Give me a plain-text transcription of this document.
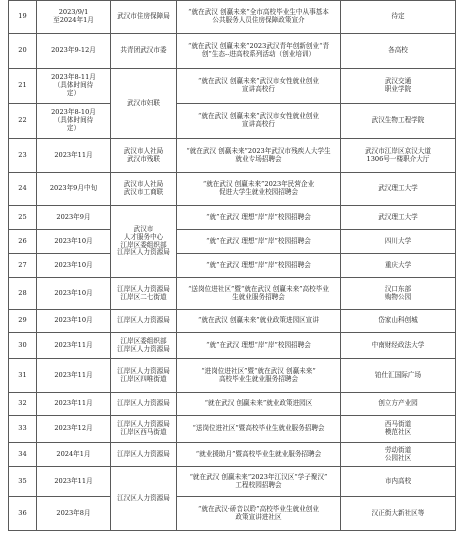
19	2023/9/1
至2024年1月	武汉市住房保障局	“就在武汉 创赢未来”全市高校毕业生中从事基本
公共服务人员住房保障政策宣介	待定
20	2023年9-12月	共青团武汉市委	“就在武汉 创赢未来”2023武汉青年创新创业“青
创”生态--进高校系列活动（创业培训）	各高校
21	2023年8-11月
（具体时间待
定）	武汉市妇联	“就在武汉 创赢未来”武汉市女性就业创业
宣讲高校行	武汉交通
职业学院
22	2023年8-10月
（具体时间待
定）		“就在武汉 创赢未来”武汉市女性就业创业
宣讲高校行	武汉生物工程学院
23	2023年11月	武汉市人社局
武汉市残联	“就在武汉 创赢未来”2023年武汉市残疾人大学生
就业专场招聘会	武汉市江岸区京汉大道
1306号一楼职介大厅
24	2023年9月中旬	武汉市人社局
武汉市工商联	“就在武汉 创赢未来”2023年民营企业
促进大学生就业校园招聘会	武汉理工大学
25	2023年9月	武汉市
人才服务中心
江岸区委组织部
江岸区人力资源局	“就”在武汉 理想“岸”岸”校园招聘会	武汉理工大学
26	2023年10月		“就”在武汉 理想“岸”岸”校园招聘会	四川大学
27	2023年10月		“就”在武汉 理想“岸”岸”校园招聘会	重庆大学
28	2023年10月	江岸区人力资源局
江岸区二七街道	“送岗位进社区”暨“就在武汉 创赢未来”高校毕业
生就业服务招聘会	汉口东部
购物公园
29	2023年10月	江岸区人力资源局	“就在武汉 创赢未来”就业政策进园区宣讲	岱家山科创城
30	2023年11月	江岸区委组织部
江岸区人力资源局	“就”在武汉 理想“岸”岸”校园招聘会	中南财经政法大学
31	2023年11月	江岸区人力资源局
江岸区四唯街道	“进岗位进社区”暨“就在武汉 创赢未来”
高校毕业生就业服务招聘会	铂仕汇国际广场
32	2023年11月	江岸区人力资源局	“就在武汉 创赢未来”就业政策进园区	创立方产业园
33	2023年12月	江岸区人力资源局
江岸区西马街道	“送岗位进社区”暨高校毕业生就业服务招聘会	西马街道
模范社区
34	2024年1月	江岸区人力资源局	“就业援助月”暨高校毕业生就业服务招聘会	劳动街道
公园社区
35	2023年11月	江汉区人力资源局	“就在武汉 创赢未来”2023年江汉区“学子聚汉”
工程校园招聘会	市内高校
36	2023年8月		“就在武汉·硚音以聆”高校毕业生就业创业
政策宣讲进社区	汉正街大新社区等
